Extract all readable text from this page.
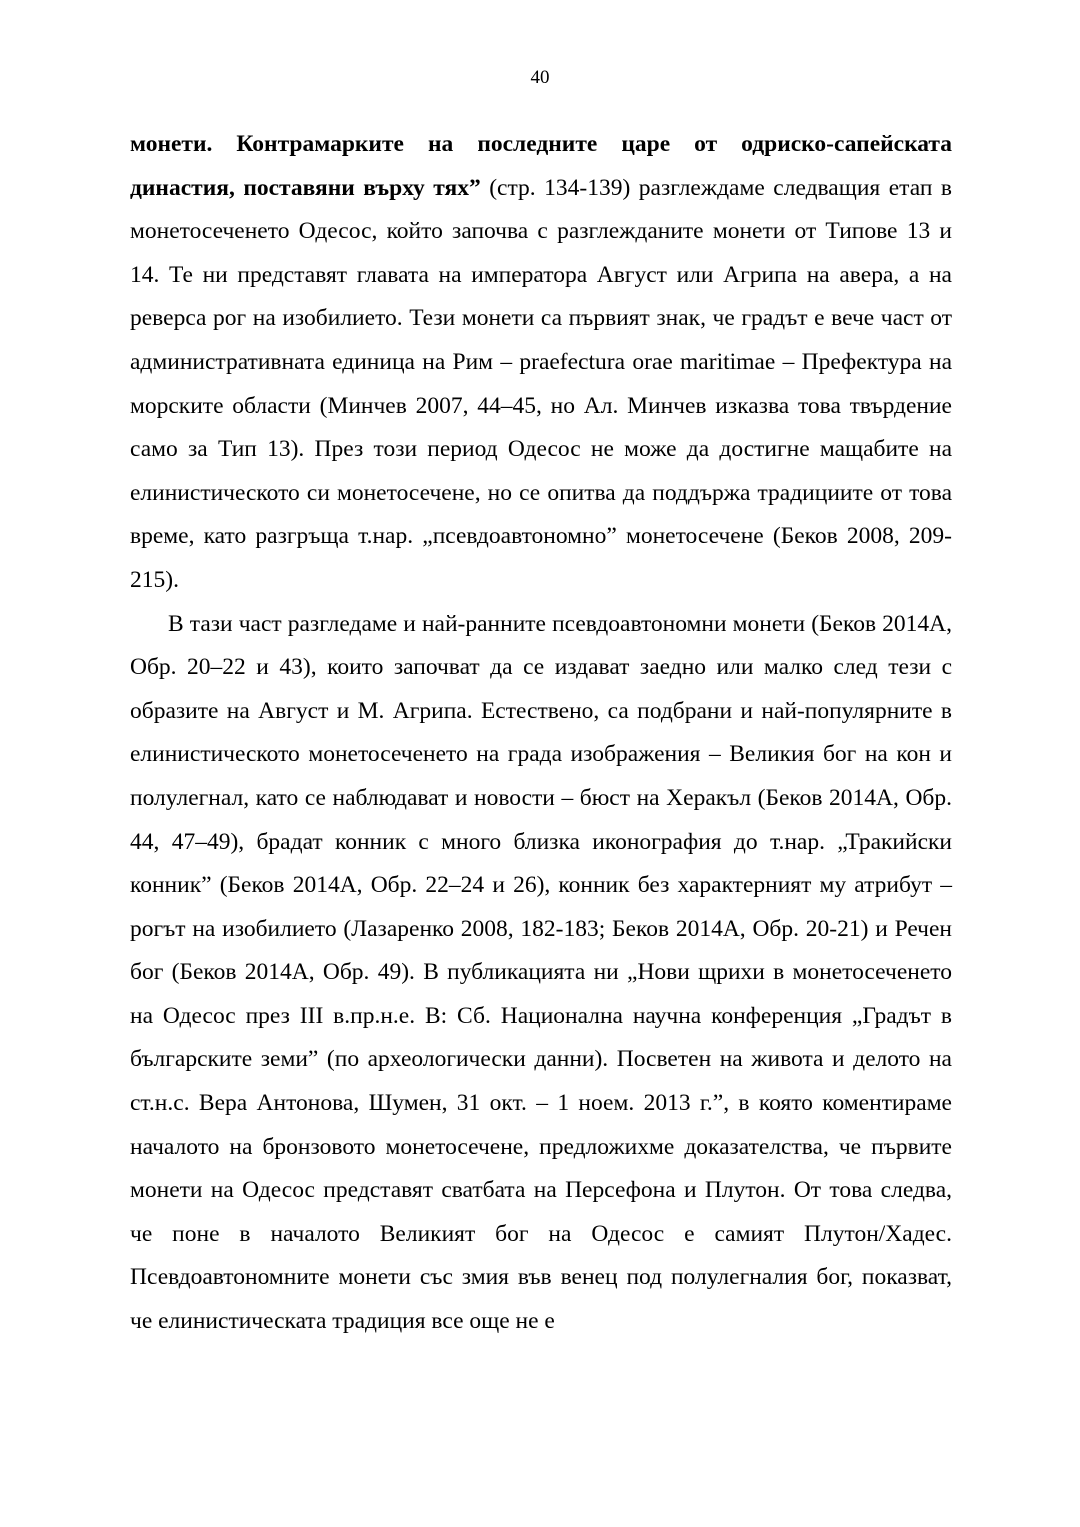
40

монети. Контрамарките на последните царе от одриско-сапейската династия, поставяни върху тях” (стр. 134-139) разглеждаме следващия етап в монетосеченето Одесос, който започва с разглежданите монети от Типове 13 и 14. Те ни представят главата на императора Август или Агрипа на авера, а на реверса рог на изобилието. Тези монети са първият знак, че градът е вече част от административната единица на Рим – praefectura orae maritimae – Префектура на морските области (Минчев 2007, 44–45, но Ал. Минчев изказва това твърдение само за Тип 13). През този период Одесос не може да достигне мащабите на елинистическото си монетосечене, но се опитва да поддържа традициите от това време, като разгръща т.нар. „псевдоавтономно” монетосечене (Беков 2008, 209-215).

В тази част разгледаме и най-ранните псевдоавтономни монети (Беков 2014А, Обр. 20–22 и 43), които започват да се издават заедно или малко след тези с образите на Август и М. Агрипа. Естествено, са подбрани и най-популярните в елинистическото монетосеченето на града изображения – Великия бог на кон и полулегнал, като се наблюдават и новости – бюст на Херакъл (Беков 2014А, Обр. 44, 47–49), брадат конник с много близка иконография до т.нар. „Тракийски конник” (Беков 2014А, Обр. 22–24 и 26), конник без характерният му атрибут – рогът на изобилието (Лазаренко 2008, 182-183; Беков 2014А, Обр. 20-21) и Речен бог (Беков 2014А, Обр. 49). В публикацията ни „Нови щрихи в монетосеченето на Одесос през III в.пр.н.е. В: Сб. Национална научна конференция „Градът в българските земи” (по археологически данни). Посветен на живота и делото на ст.н.с. Вера Антонова, Шумен, 31 окт. – 1 ноем. 2013 г.”, в която коментираме началото на бронзовото монетосечене, предложихме доказателства, че първите монети на Одесос представят сватбата на Персефона и Плутон. От това следва, че поне в началото Великият бог на Одесос е самият Плутон/Хадес. Псевдоавтономните монети със змия във венец под полулегналия бог, показват, че елинистическата традиция все още не е
